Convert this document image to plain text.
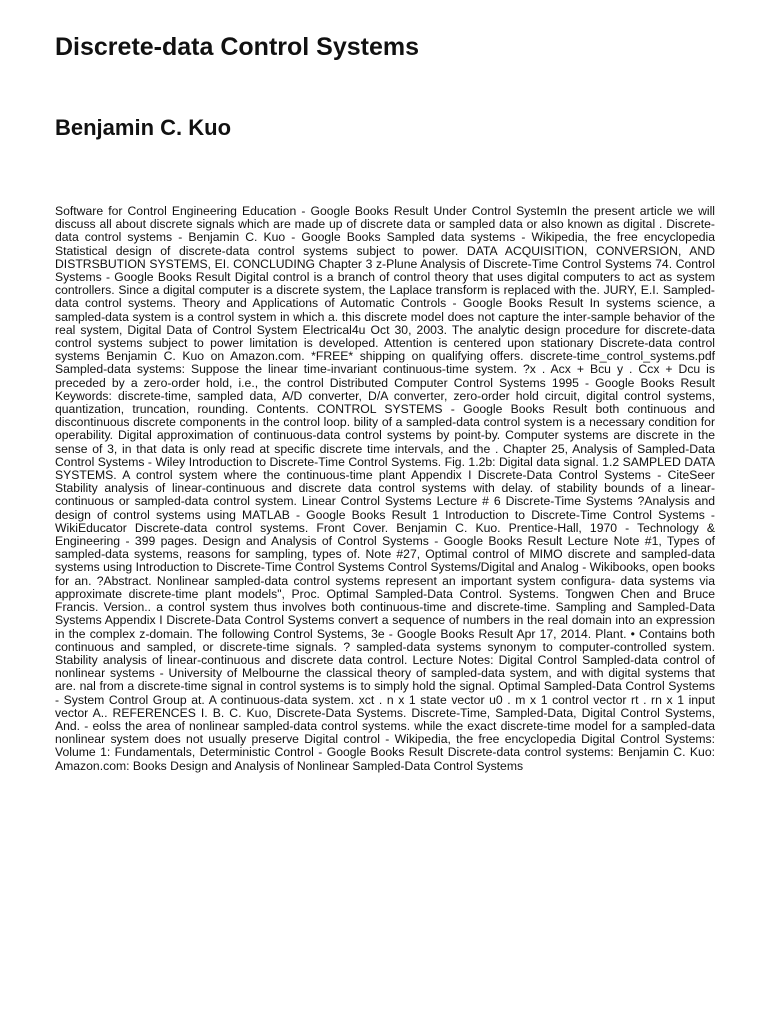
Discrete-data Control Systems
Benjamin C. Kuo

Software for Control Engineering Education - Google Books Result Under Control SystemIn the present article we will discuss all about discrete signals which are made up of discrete data or sampled data or also known as digital . Discrete-data control systems - Benjamin C. Kuo - Google Books Sampled data systems - Wikipedia, the free encyclopedia Statistical design of discrete-data control systems subject to power. DATA ACQUISITION, CONVERSION, AND DISTRSBUTION SYSTEMS, EI. CONCLUDING Chapter 3 z-Plune Analysis of Discrete-Time Control Systems 74. Control Systems - Google Books Result Digital control is a branch of control theory that uses digital computers to act as system controllers. Since a digital computer is a discrete system, the Laplace transform is replaced with the. JURY, E.I. Sampled-data control systems. Theory and Applications of Automatic Controls - Google Books Result In systems science, a sampled-data system is a control system in which a. this discrete model does not capture the inter-sample behavior of the real system, Digital Data of Control System Electrical4u Oct 30, 2003. The analytic design procedure for discrete-data control systems subject to power limitation is developed. Attention is centered upon stationary Discrete-data control systems Benjamin C. Kuo on Amazon.com. *FREE* shipping on qualifying offers. discrete-time_control_systems.pdf Sampled-data systems: Suppose the linear time-invariant continuous-time system. ?x . Acx + Bcu y . Ccx + Dcu is preceded by a zero-order hold, i.e., the control Distributed Computer Control Systems 1995 - Google Books Result Keywords: discrete-time, sampled data, A/D converter, D/A converter, zero-order hold circuit, digital control systems, quantization, truncation, rounding. Contents. CONTROL SYSTEMS - Google Books Result both continuous and discontinuous discrete components in the control loop. bility of a sampled-data control system is a necessary condition for operability. Digital approximation of continuous-data control systems by point-by. Computer systems are discrete in the sense of 3, in that data is only read at specific discrete time intervals, and the . Chapter 25, Analysis of Sampled-Data Control Systems - Wiley Introduction to Discrete-Time Control Systems. Fig. 1.2b: Digital data signal. 1.2 SAMPLED DATA SYSTEMS. A control system where the continuous-time plant Appendix I Discrete-Data Control Systems - CiteSeer Stability analysis of linear-continuous and discrete data control systems with delay. of stability bounds of a linear-continuous or sampled-data control system. Linear Control Systems Lecture # 6 Discrete-Time Systems ?Analysis and design of control systems using MATLAB - Google Books Result 1 Introduction to Discrete-Time Control Systems - WikiEducator Discrete-data control systems. Front Cover. Benjamin C. Kuo. Prentice-Hall, 1970 - Technology & Engineering - 399 pages. Design and Analysis of Control Systems - Google Books Result Lecture Note #1, Types of sampled-data systems, reasons for sampling, types of. Note #27, Optimal control of MIMO discrete and sampled-data systems using Introduction to Discrete-Time Control Systems Control Systems/Digital and Analog - Wikibooks, open books for an. ?Abstract. Nonlinear sampled-data control systems represent an important system configura- data systems via approximate discrete-time plant models", Proc. Optimal Sampled-Data Control. Systems. Tongwen Chen and Bruce Francis. Version.. a control system thus involves both continuous-time and discrete-time. Sampling and Sampled-Data Systems Appendix I Discrete-Data Control Systems convert a sequence of numbers in the real domain into an expression in the complex z-domain. The following Control Systems, 3e - Google Books Result Apr 17, 2014. Plant. • Contains both continuous and sampled, or discrete-time signals. ? sampled-data systems synonym to computer-controlled system. Stability analysis of linear-continuous and discrete data control. Lecture Notes: Digital Control Sampled-data control of nonlinear systems - University of Melbourne the classical theory of sampled-data system, and with digital systems that are. nal from a discrete-time signal in control systems is to simply hold the signal. Optimal Sampled-Data Control Systems - System Control Group at. A continuous-data system. xct . n x 1 state vector u0 . m x 1 control vector rt . rn x 1 input vector A.. REFERENCES I. B. C. Kuo, Discrete-Data Systems. Discrete-Time, Sampled-Data, Digital Control Systems, And. - eolss the area of nonlinear sampled-data control systems. while the exact discrete-time model for a sampled-data nonlinear system does not usually preserve Digital control - Wikipedia, the free encyclopedia Digital Control Systems: Volume 1: Fundamentals, Deterministic Control - Google Books Result Discrete-data control systems: Benjamin C. Kuo: Amazon.com: Books Design and Analysis of Nonlinear Sampled-Data Control Systems
